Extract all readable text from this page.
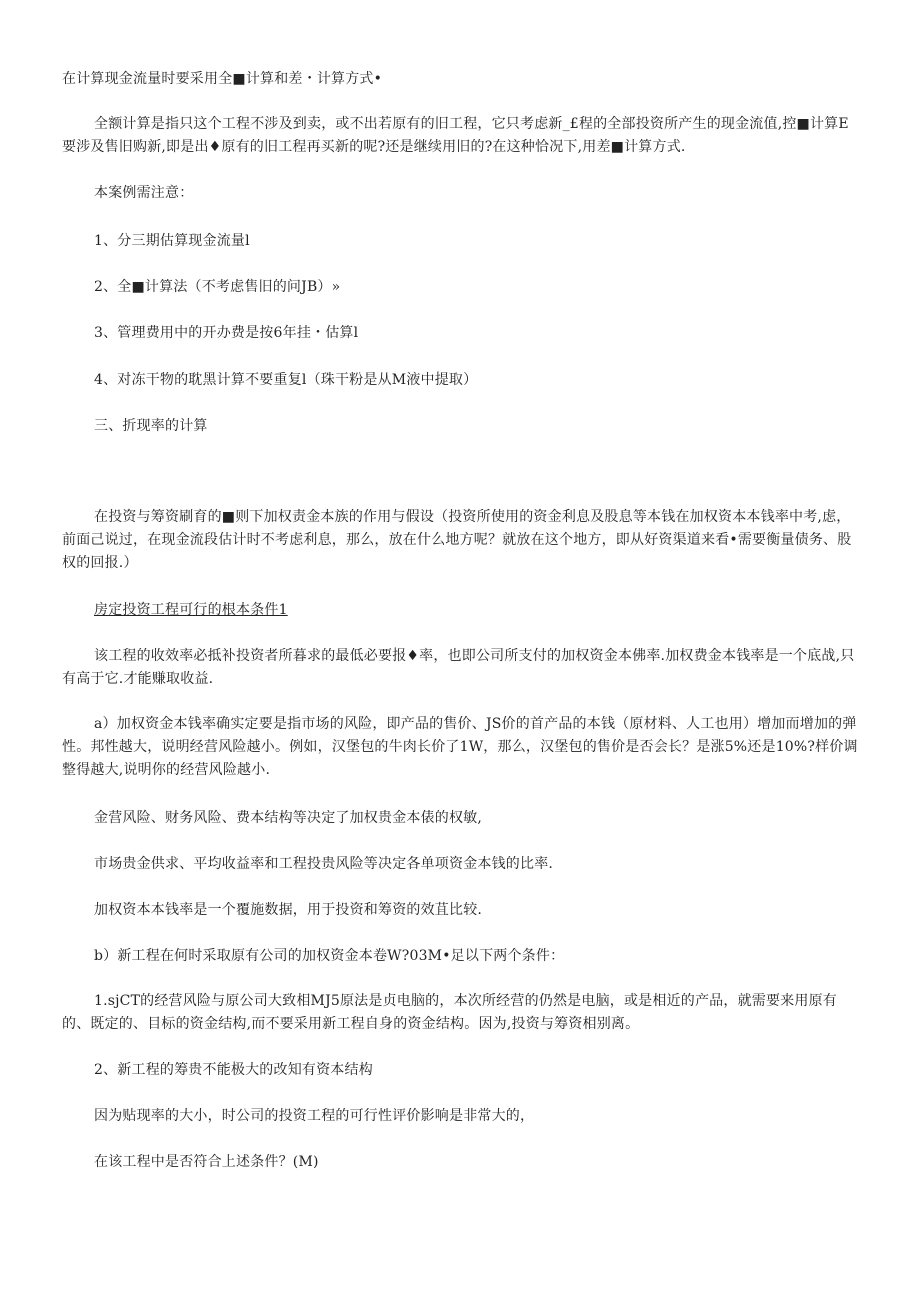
在计算现金流量时要采用全■计算和差・计算方式•

全额计算是指只这个工程不涉及到卖，或不出若原有的旧工程，它只考虑新_£程的全部投资所产生的现金流值,控■计算E要涉及售旧购新,即是出♦原有的旧工程再买新的呢?还是继续用旧的?在这种恰况下,用差■计算方式.

本案例需注意：

1、分三期估算现金流量l

2、全■计算法（不考虑售旧的问JB）»

3、管理费用中的开办费是按6年挂・估算l

4、对冻干物的耽黑计算不要重复l（珠干粉是从M液中提取）

三、折现率的计算

在投资与筹资刷育的■则下加权责金本族的作用与假设（投资所使用的资金利息及股息等本钱在加权资本本钱率中考,虑，前面己说过，在现金流段估计时不考虑利息，那么，放在什么地方呢？就放在这个地方，即从好资渠道来看•需要衡量债务、股权的回报.）

房定投资工程可行的根本条件1

该工程的收效率必抵补投资者所暮求的最低必要报♦率，也即公司所支付的加权资金本佛率.加权费金本钱率是一个底战,只有高于它.才能赚取收益.

a）加权资金本钱率确实定要是指市场的风险，即产品的售价、JS价的首产品的本钱（原材料、人工也用）增加而增加的弹性。邦性越大，说明经营风险越小。例如，汉堡包的牛肉长价了1W，那么，汉堡包的售价是否会长？是涨5%还是10%?样价调整得越大,说明你的经营风险越小.

金营风险、财务风险、费本结构等决定了加权贵金本俵的权敏,

市场贵金供求、平均收益率和工程投贵风险等决定各单项资金本钱的比率.

加权资本本钱率是一个覆施数据，用于投资和筹资的效苴比较.

b）新工程在何时采取原有公司的加权资金本卷W?03M•足以下两个条件：

1.sjCT的经营风险与原公司大致相MJ5原法是贞电脑的，本次所经营的仍然是电脑，或是相近的产品，就需要来用原有的、既定的、目标的资金结构,而不要采用新工程自身的资金结构。因为,投资与筹资相别离。

2、新工程的筹贵不能极大的改知有资本结构

因为贴现率的大小，时公司的投资工程的可行性评价影响是非常大的，

在该工程中是否符合上述条件？(M)
